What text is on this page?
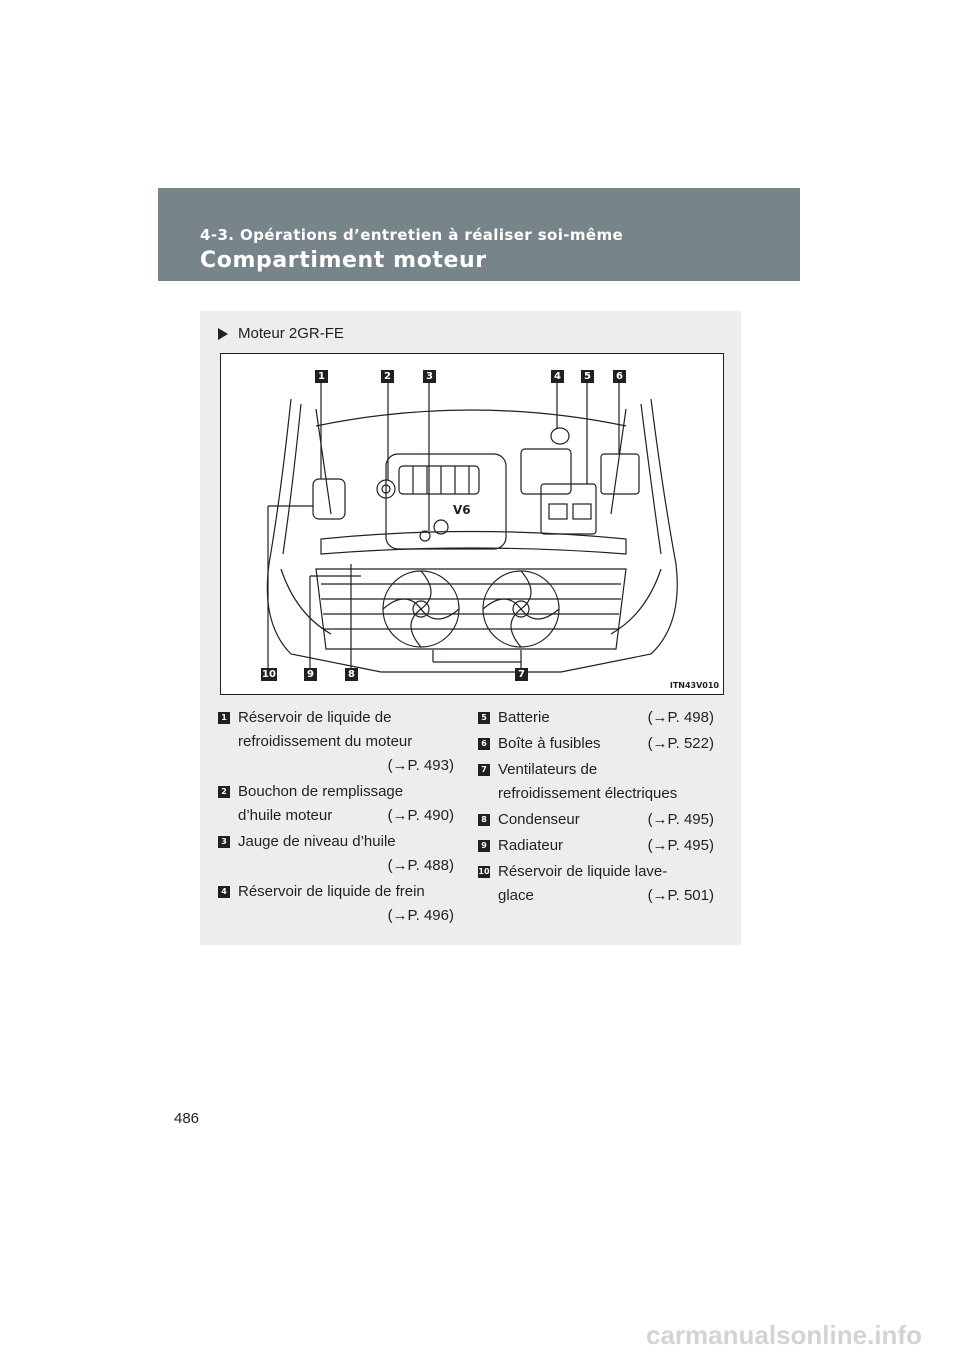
4-3. Opérations d’entretien à réaliser soi-même
Compartiment moteur
Moteur 2GR-FE
V6
1	2	3	4	5	6
7
8
9
10
ITN43V010
1 Réservoir de liquide de
refroidissement du moteur
(→P. 493)
2 Bouchon de remplissage
d’huile moteur	(→P. 490)
3 Jauge de niveau d’huile
(→P. 488)
4 Réservoir de liquide de frein
(→P. 496)
5 Batterie	(→P. 498)
6 Boîte à fusibles	(→P. 522)
7 Ventilateurs de
refroidissement électriques
8 Condenseur	(→P. 495)
9 Radiateur	(→P. 495)
10 Réservoir de liquide lave-
glace	(→P. 501)
486
carmanualsonline.info
